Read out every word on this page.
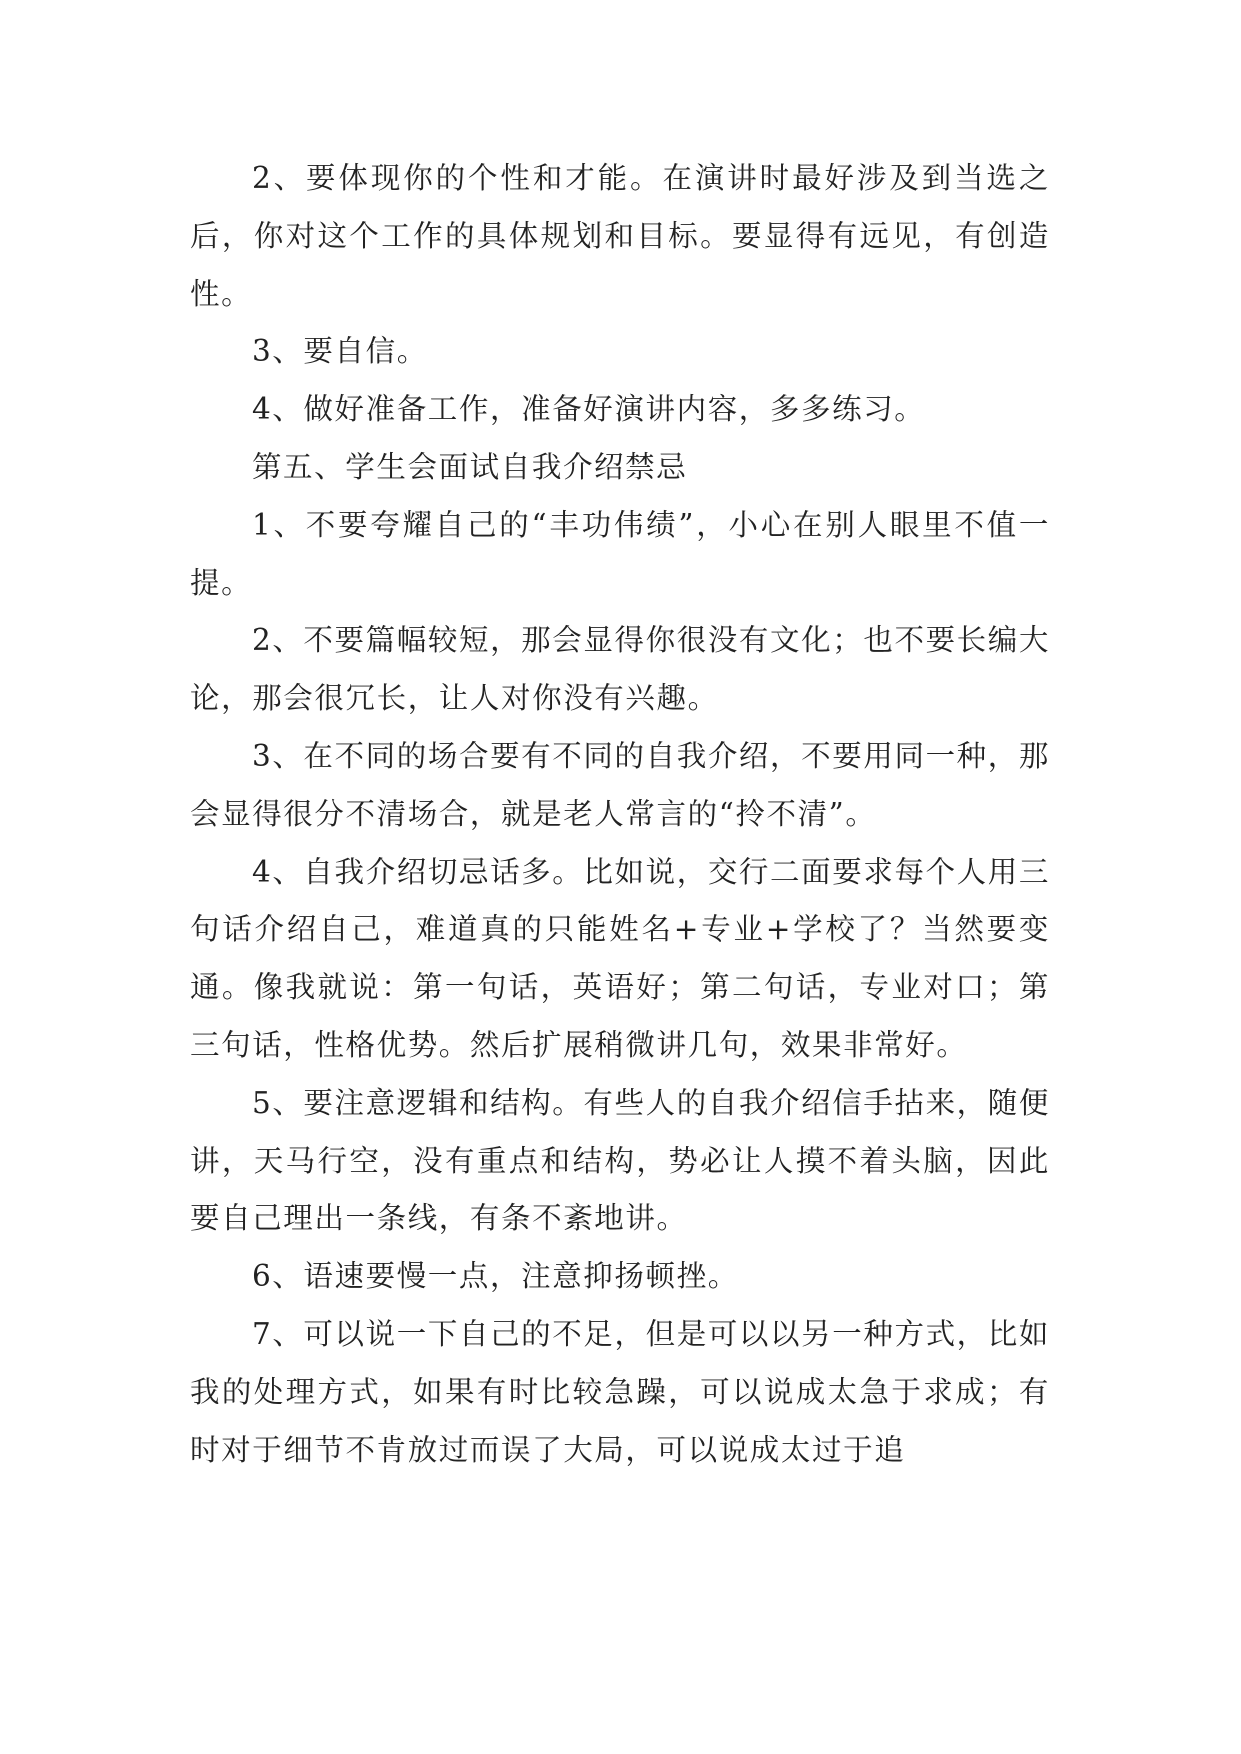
2、要体现你的个性和才能。在演讲时最好涉及到当选之后，你对这个工作的具体规划和目标。要显得有远见，有创造性。

3、要自信。

4、做好准备工作，准备好演讲内容，多多练习。

第五、学生会面试自我介绍禁忌

1、不要夸耀自己的“丰功伟绩”，小心在别人眼里不值一提。

2、不要篇幅较短，那会显得你很没有文化；也不要长编大论，那会很冗长，让人对你没有兴趣。

3、在不同的场合要有不同的自我介绍，不要用同一种，那会显得很分不清场合，就是老人常言的“拎不清”。

4、自我介绍切忌话多。比如说，交行二面要求每个人用三句话介绍自己，难道真的只能姓名+专业+学校了？当然要变通。像我就说：第一句话，英语好；第二句话，专业对口；第三句话，性格优势。然后扩展稍微讲几句，效果非常好。

5、要注意逻辑和结构。有些人的自我介绍信手拈来，随便讲，天马行空，没有重点和结构，势必让人摸不着头脑，因此要自己理出一条线，有条不紊地讲。

6、语速要慢一点，注意抑扬顿挫。

7、可以说一下自己的不足，但是可以以另一种方式，比如我的处理方式，如果有时比较急躁，可以说成太急于求成；有时对于细节不肯放过而误了大局，可以说成太过于追
